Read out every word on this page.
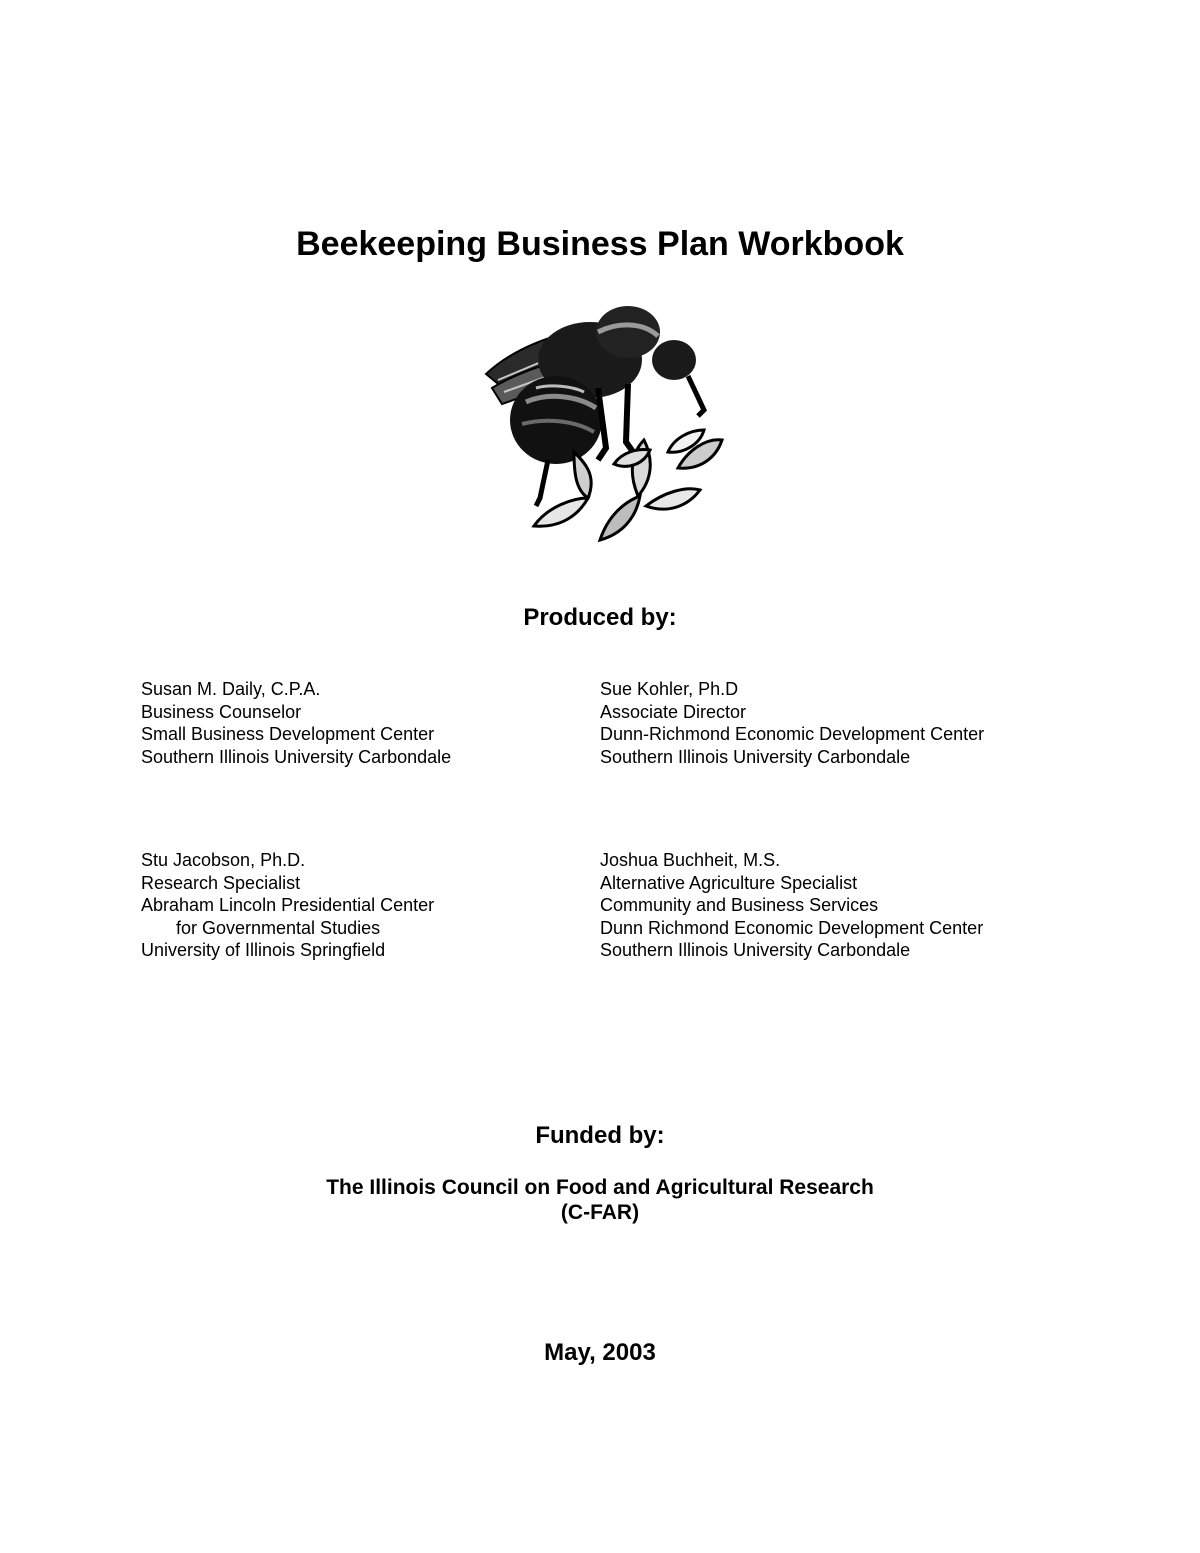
Beekeeping Business Plan Workbook
Produced by:
Susan M. Daily, C.P.A.
Business Counselor
Small Business Development Center
Southern Illinois University Carbondale
Sue Kohler, Ph.D
Associate Director
Dunn-Richmond Economic Development Center
Southern Illinois University Carbondale
Stu Jacobson, Ph.D.
Research Specialist
Abraham Lincoln Presidential Center
for Governmental Studies
University of Illinois Springfield
Joshua Buchheit, M.S.
Alternative Agriculture Specialist
Community and Business Services
Dunn Richmond Economic Development Center
Southern Illinois University Carbondale
Funded by:
The Illinois Council on Food and Agricultural Research
(C-FAR)
May, 2003
